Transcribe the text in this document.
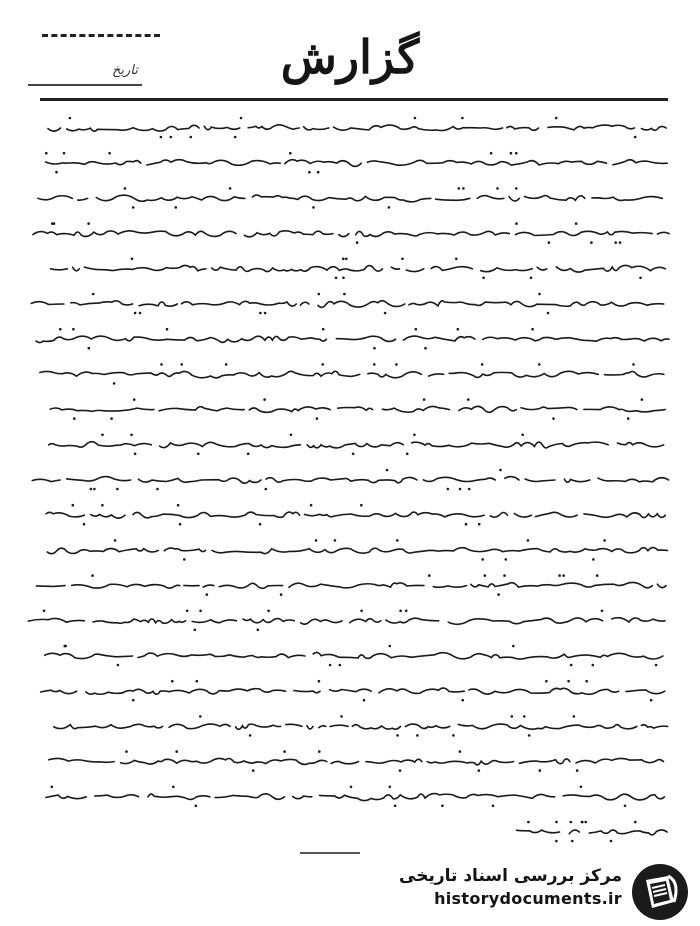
تاریخ	گزارش
مرکز بررسی اسناد تاریخی
historydocuments.ir
